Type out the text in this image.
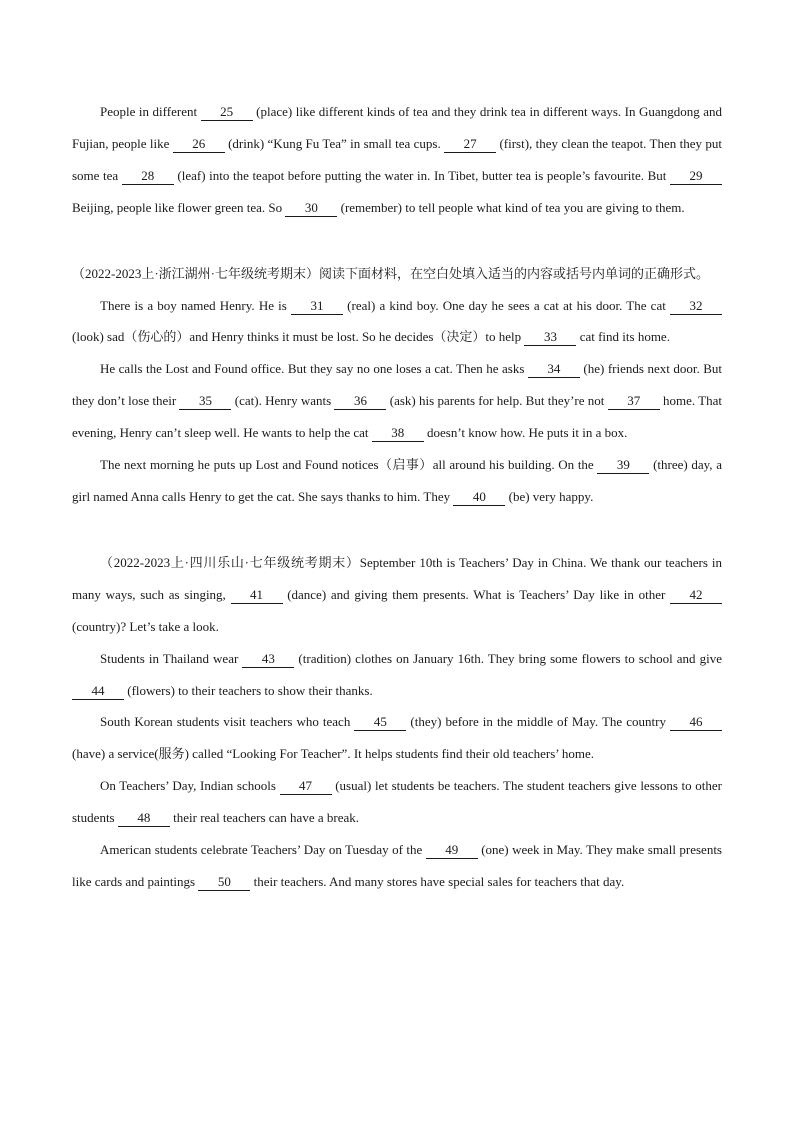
People in different 25 (place) like different kinds of tea and they drink tea in different ways. In Guangdong and Fujian, people like 26 (drink) “Kung Fu Tea” in small tea cups. 27 (first), they clean the teapot. Then they put some tea 28 (leaf) into the teapot before putting the water in. In Tibet, butter tea is people’s favourite. But 29 Beijing, people like flower green tea. So 30 (remember) to tell people what kind of tea you are giving to them.

（2022-2023上·浙江湖州·七年级统考期末）阅读下面材料，在空白处填入适当的内容或括号内单词的正确形式。

There is a boy named Henry. He is 31 (real) a kind boy. One day he sees a cat at his door. The cat 32 (look) sad（伤心的）and Henry thinks it must be lost. So he decides（决定）to help 33 cat find its home.

He calls the Lost and Found office. But they say no one loses a cat. Then he asks 34 (he) friends next door. But they don’t lose their 35 (cat). Henry wants 36 (ask) his parents for help. But they’re not 37 home. That evening, Henry can’t sleep well. He wants to help the cat 38 doesn’t know how. He puts it in a box.

The next morning he puts up Lost and Found notices（启事）all around his building. On the 39 (three) day, a girl named Anna calls Henry to get the cat. She says thanks to him. They 40 (be) very happy.

（2022-2023上·四川乐山·七年级统考期末）September 10th is Teachers’ Day in China. We thank our teachers in many ways, such as singing, 41 (dance) and giving them presents. What is Teachers’ Day like in other 42 (country)? Let’s take a look.

Students in Thailand wear 43 (tradition) clothes on January 16th. They bring some flowers to school and give 44 (flowers) to their teachers to show their thanks.

South Korean students visit teachers who teach 45 (they) before in the middle of May. The country 46 (have) a service(服务) called “Looking For Teacher”. It helps students find their old teachers’ home.

On Teachers’ Day, Indian schools 47 (usual) let students be teachers. The student teachers give lessons to other students 48 their real teachers can have a break.

American students celebrate Teachers’ Day on Tuesday of the 49 (one) week in May. They make small presents like cards and paintings 50 their teachers. And many stores have special sales for teachers that day.
